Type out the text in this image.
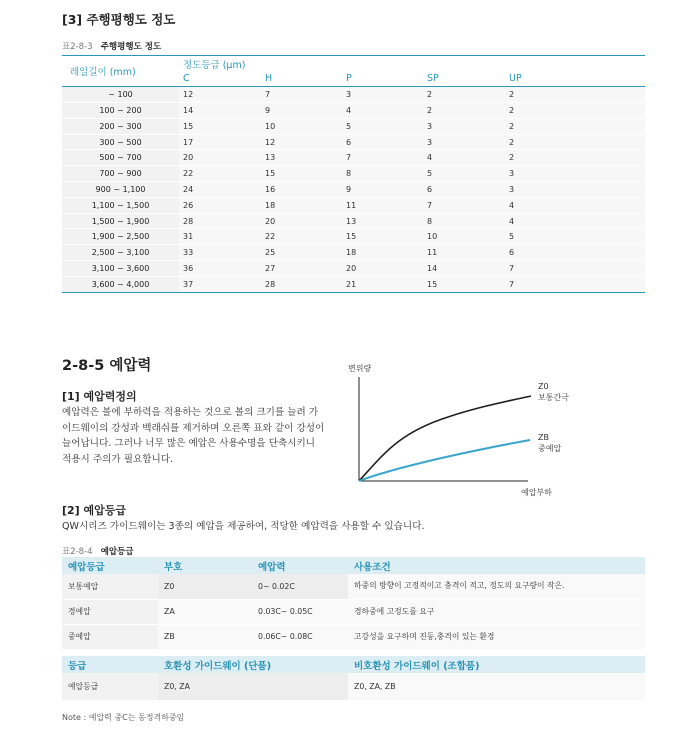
[3] 주행평행도 정도
표2-8-3 주행평행도 정도
레일길이 (mm)	정도등급 (μm)				
	C	H	P	SP	UP
~ 100	12	7	3	2	2
100 ~ 200	14	9	4	2	2
200 ~ 300	15	10	5	3	2
300 ~ 500	17	12	6	3	2
500 ~ 700	20	13	7	4	2
700 ~ 900	22	15	8	5	3
900 ~ 1,100	24	16	9	6	3
1,100 ~ 1,500	26	18	11	7	4
1,500 ~ 1,900	28	20	13	8	4
1,900 ~ 2,500	31	22	15	10	5
2,500 ~ 3,100	33	25	18	11	6
3,100 ~ 3,600	36	27	20	14	7
3,600 ~ 4,000	37	28	21	15	7
2-8-5 예압력
[1] 예압력정의
예압력은 볼에 부하력을 적용하는 것으로 볼의 크기를 늘려 가이드웨이의 강성과 백래쉬를 제거하며 오른쪽 표와 같이 강성이 늘어납니다. 그러나 너무 많은 예압은 사용수명을 단축시키니 적용시 주의가 필요합니다.
변위량
Z0
보통간극
ZB
중예압
예압부하
[2] 예압등급
QW시리즈 가이드웨이는 3종의 예압을 제공하여, 적당한 예압력을 사용할 수 있습니다.
표2-8-4 예압등급
예압등급	부호	예압력	사용조건
보통예압	Z0	0~ 0.02C	하중의 방향이 고정적이고 충격이 적고, 정도의 요구량이 작은.
경예압	ZA	0.03C~ 0.05C	경하중에 고정도를 요구
중예압	ZB	0.06C~ 0.08C	고강성을 요구하며 진동,충격이 있는 환경

등급	호환성 가이드웨이 (단품)		비호환성 가이드웨이 (조합품)
예압등급	Z0, ZA		Z0, ZA, ZB
Note : 예압력 중C는 동정격하중임
